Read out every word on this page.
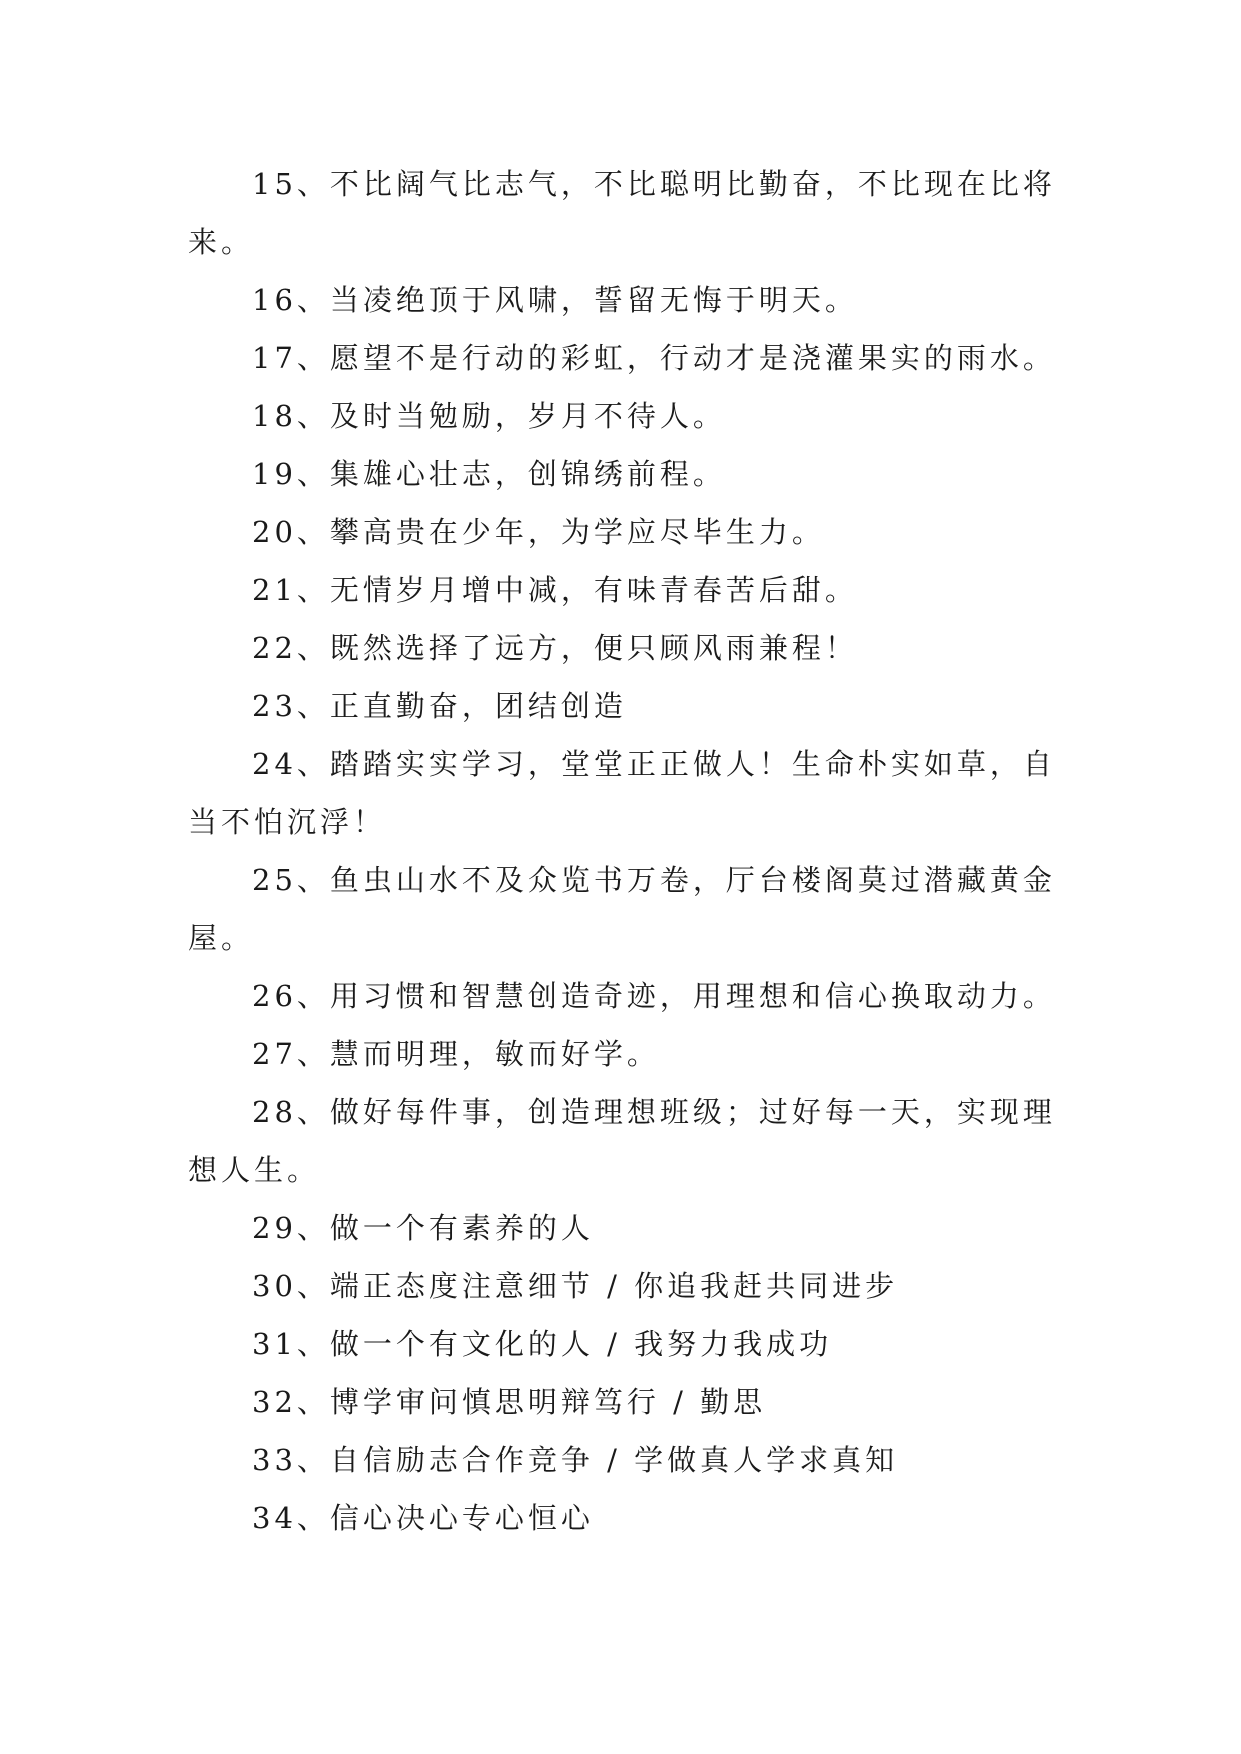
15、不比阔气比志气，不比聪明比勤奋，不比现在比将来。

16、当凌绝顶于风啸，誓留无悔于明天。

17、愿望不是行动的彩虹，行动才是浇灌果实的雨水。

18、及时当勉励，岁月不待人。

19、集雄心壮志，创锦绣前程。

20、攀高贵在少年，为学应尽毕生力。

21、无情岁月增中减，有味青春苦后甜。

22、既然选择了远方，便只顾风雨兼程！

23、正直勤奋，团结创造

24、踏踏实实学习，堂堂正正做人！生命朴实如草，自当不怕沉浮！

25、鱼虫山水不及众览书万卷，厅台楼阁莫过潜藏黄金屋。

26、用习惯和智慧创造奇迹，用理想和信心换取动力。

27、慧而明理，敏而好学。

28、做好每件事，创造理想班级；过好每一天，实现理想人生。

29、做一个有素养的人

30、端正态度注意细节 / 你追我赶共同进步

31、做一个有文化的人 / 我努力我成功

32、博学审问慎思明辩笃行 / 勤思

33、自信励志合作竞争 / 学做真人学求真知

34、信心决心专心恒心
